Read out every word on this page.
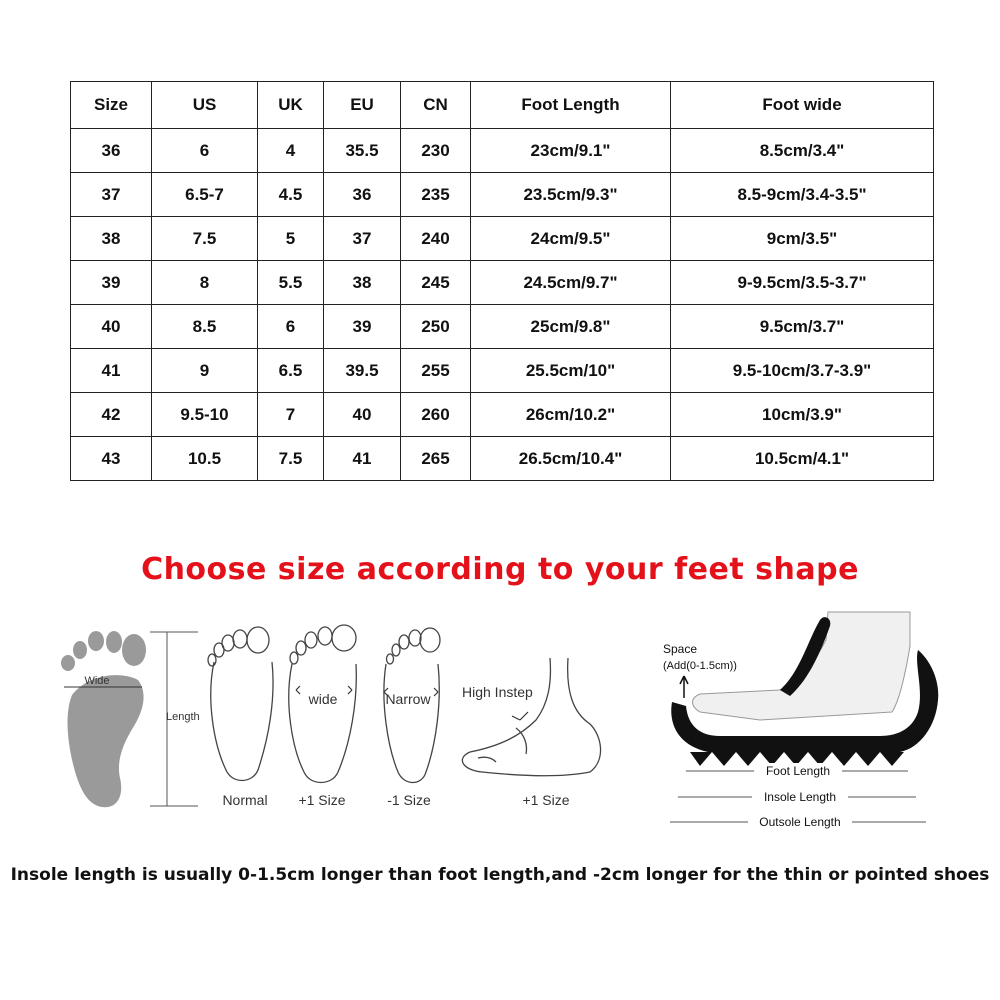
Size	US	UK	EU	CN	Foot Length	Foot wide
36	6	4	35.5	230	23cm/9.1"	8.5cm/3.4"
37	6.5-7	4.5	36	235	23.5cm/9.3"	8.5-9cm/3.4-3.5"
38	7.5	5	37	240	24cm/9.5"	9cm/3.5"
39	8	5.5	38	245	24.5cm/9.7"	9-9.5cm/3.5-3.7"
40	8.5	6	39	250	25cm/9.8"	9.5cm/3.7"
41	9	6.5	39.5	255	25.5cm/10"	9.5-10cm/3.7-3.9"
42	9.5-10	7	40	260	26cm/10.2"	10cm/3.9"
43	10.5	7.5	41	265	26.5cm/10.4"	10.5cm/4.1"
Choose size according to your feet shape
Wide
Length
Normal
wide
+1 Size
Narrow
-1 Size
High Instep
+1 Size
Space
(Add(0-1.5cm))
Foot Length
Insole Length
Outsole Length
Insole length is usually 0-1.5cm longer than foot length,and -2cm longer for the thin or pointed shoes
